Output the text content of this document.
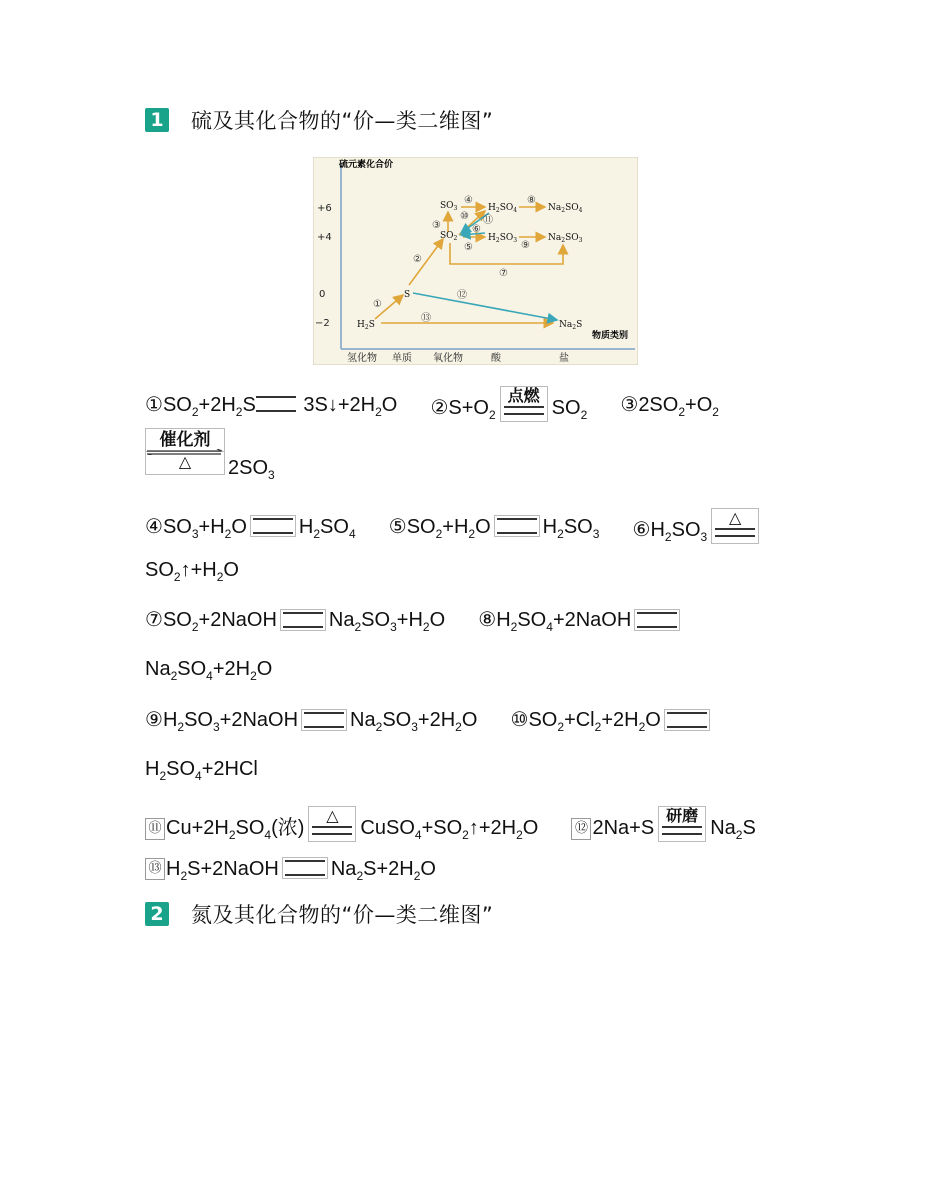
1 硫及其化合物的“价—类二维图”
硫元素化合价
物质类别
+6
+4
0
−2
氢化物 单质 氧化物	酸	盐
$SO_3$	$H_2SO_4$	$Na_2SO_4$
$SO_2$	$H_2SO_3$	$Na_2SO_3$
S
$H_2S$	$Na_2S$
①
②
③
④
⑤
⑥
⑦
⑧
⑨
⑩ ⑪
⑫
⑬
$①SO_2+2H_2S$ $3S↓+2H_2O$ $②S+O_2$
点燃
$SO_2$ $③2SO_2+O_2$
催化剂
△	$2SO_3$
$④SO_3+H_2O$	$H_2SO_4$ $⑤SO_2+H_2O$	$H_2SO_3$ $⑥H_2SO_3$
△
$SO_2↑+H_2O$
$⑦SO_2+2NaOH$	$Na_2SO_3+H_2O$ $⑧H_2SO_4+2NaOH$
$Na_2SO_4+2H_2O$
$⑨H_2SO_3+2NaOH$	$Na_2SO_3+2H_2O$ $⑩SO_2+Cl_2+2H_2O$
$H_2SO_4+2HCl$
⑪ $Cu+2H_2SO_4$(浓)
△
$CuSO_4+SO_2↑+2H_2O$	⑫ 2Na+S
研磨
$Na_2S$
⑬ $H_2S+2NaOH$	$Na_2S+2H_2O$
2 氮及其化合物的“价—类二维图”
